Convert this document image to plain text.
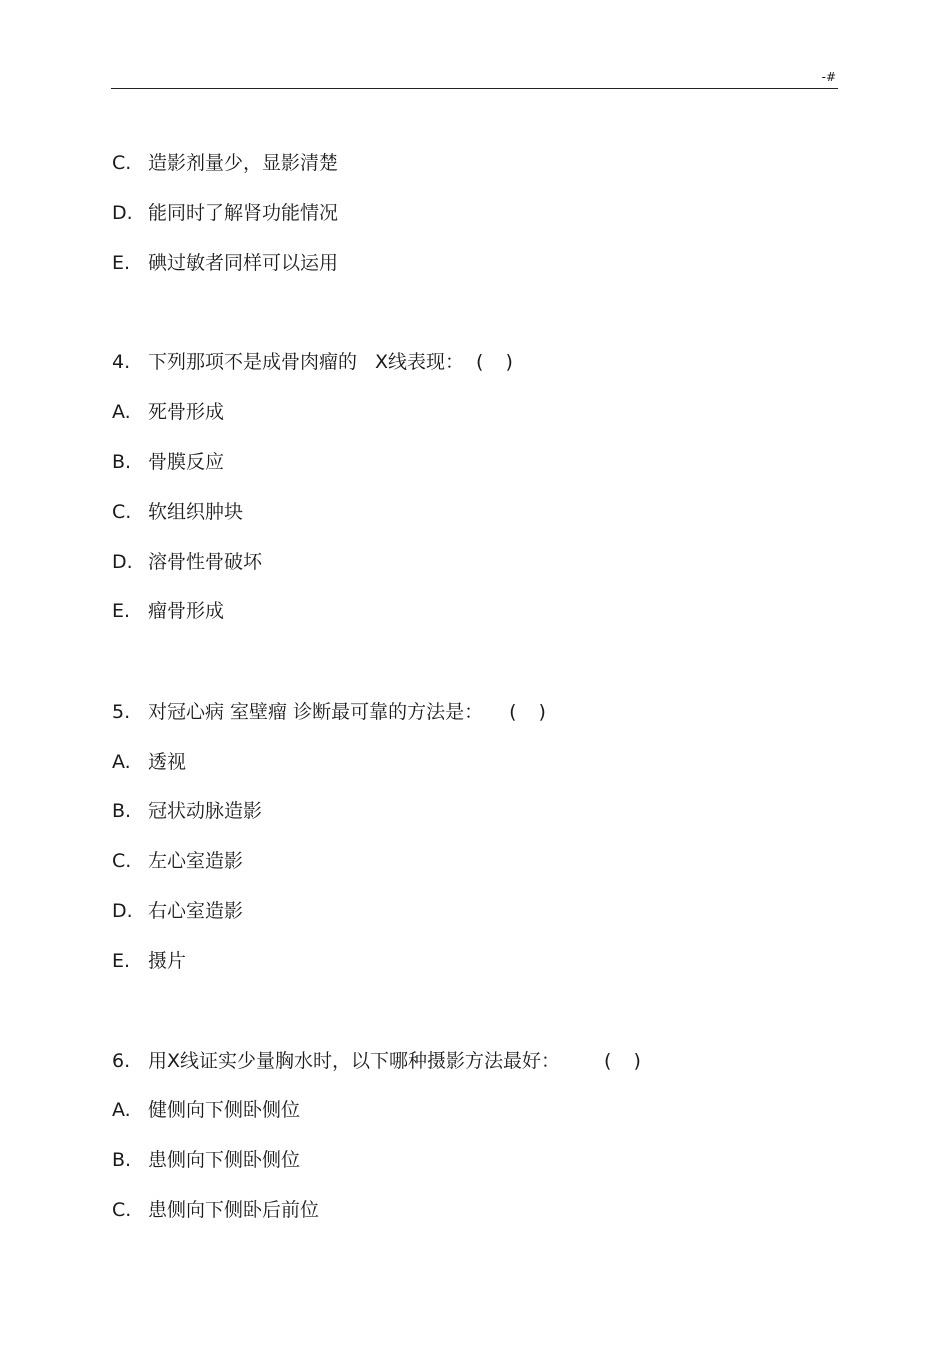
-#
C. 造影剂量少，显影清楚
D. 能同时了解肾功能情况
E. 碘过敏者同样可以运用
4. 下列那项不是成骨肉瘤的 X线表现： ( )
A. 死骨形成
B. 骨膜反应
C. 软组织肿块
D. 溶骨性骨破坏
E. 瘤骨形成
5. 对冠心病 室壁瘤 诊断最可靠的方法是： ( )
A. 透视
B. 冠状动脉造影
C. 左心室造影
D. 右心室造影
E. 摄片
6. 用X线证实少量胸水时，以下哪种摄影方法最好： ( )
A. 健侧向下侧卧侧位
B. 患侧向下侧卧侧位
C. 患侧向下侧卧后前位
